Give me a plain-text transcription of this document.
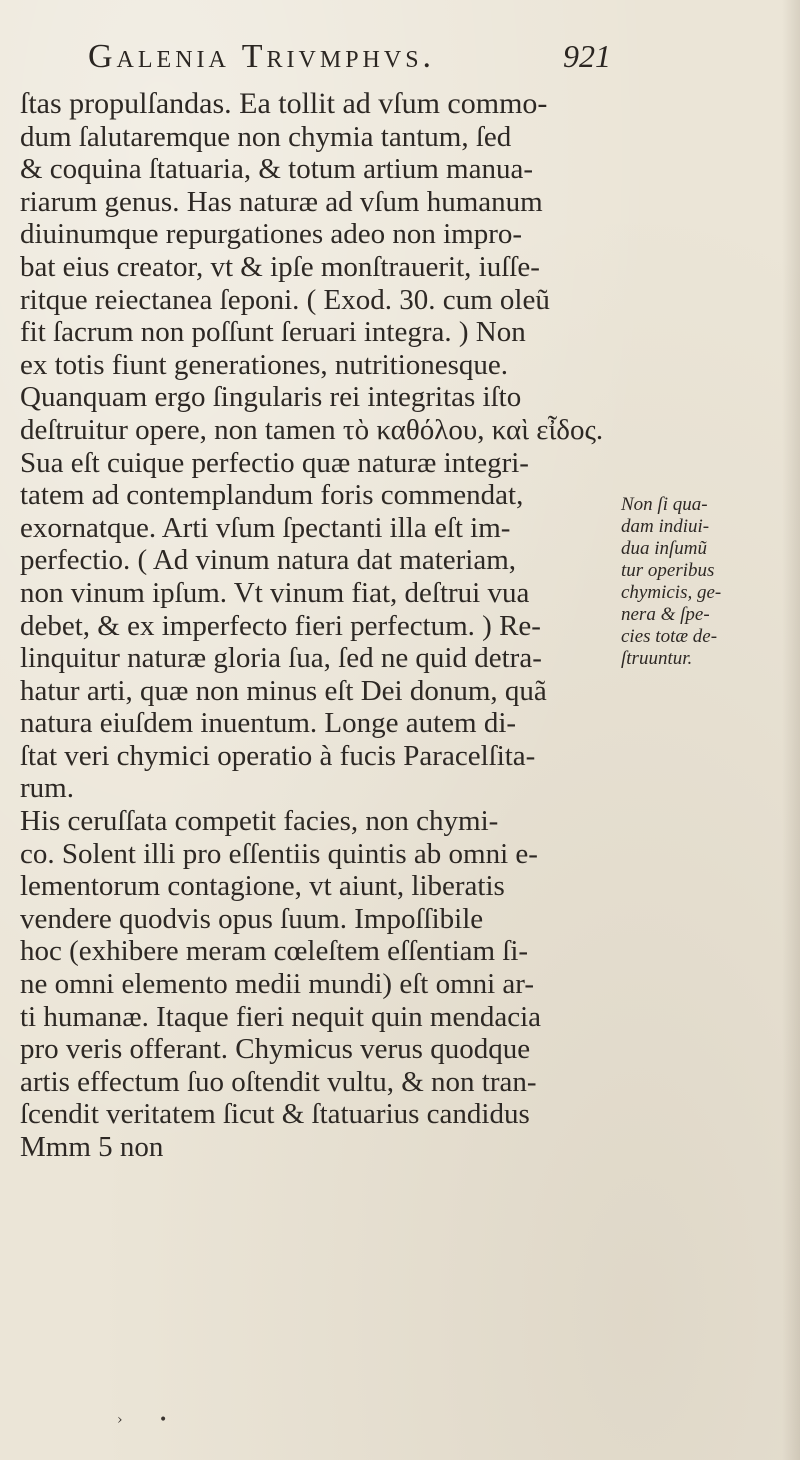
Galenia Trivmphvs.	921
ſtas propulſandas. Ea tollit ad vſum commo-
dum ſalutaremque non chymia tantum, ſed
& coquina ſtatuaria, & totum artium manua-
riarum genus. Has naturæ ad vſum humanum
diuinumque repurgationes adeo non impro-
bat eius creator, vt & ipſe monſtrauerit, iuſſe-
ritque reiectanea ſeponi. ( Exod. 30. cum oleũ
fit ſacrum non poſſunt ſeruari integra. ) Non
ex totis fiunt generationes, nutritionesque.
Quanquam ergo ſingularis rei integritas iſto
deſtruitur opere, non tamen τὸ καθόλου, καὶ εἶδος.
Sua eſt cuique perfectio quæ naturæ integri-
tatem ad contemplandum foris commendat,
exornatque. Arti vſum ſpectanti illa eſt im-
perfectio. ( Ad vinum natura dat materiam,
non vinum ipſum. Vt vinum fiat, deſtrui vua
debet, & ex imperfecto fieri perfectum. ) Re-
linquitur naturæ gloria ſua, ſed ne quid detra-
hatur arti, quæ non minus eſt Dei donum, quã
natura eiuſdem inuentum. Longe autem di-
ſtat veri chymici operatio à fucis Paracelſita-
rum.
His ceruſſata competit facies, non chymi-
co. Solent illi pro eſſentiis quintis ab omni e-
lementorum contagione, vt aiunt, liberatis
vendere quodvis opus ſuum. Impoſſibile
hoc (exhibere meram cœleſtem eſſentiam ſi-
ne omni elemento medii mundi) eſt omni ar-
ti humanæ. Itaque fieri nequit quin mendacia
pro veris offerant. Chymicus verus quodque
artis effectum ſuo oſtendit vultu, & non tran-
ſcendit veritatem ſicut & ſtatuarius candidus
Mmm 5 non
Non ſi qua-
dam indiui-
dua inſumũ
tur operibus
chymicis, ge-
nera & ſpe-
cies totæ de-
ſtruuntur.
› •
